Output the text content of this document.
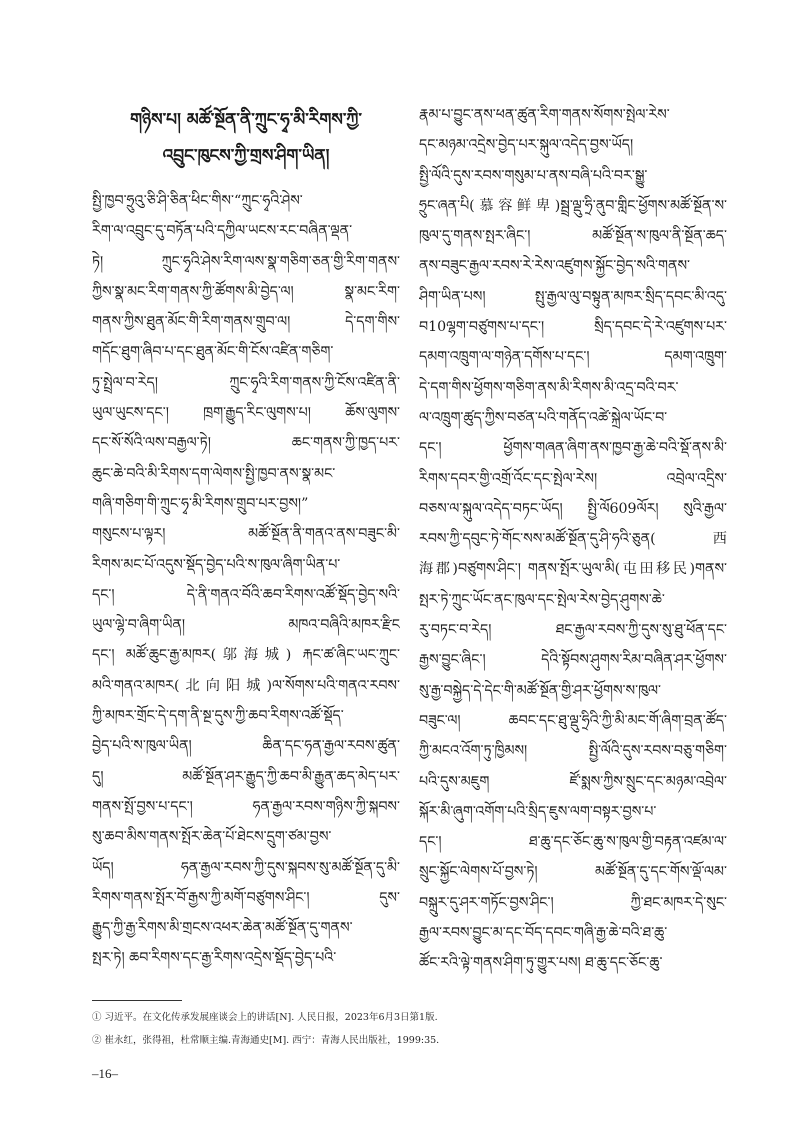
གཉིས་པ། མཚོ་སྔོན་ནི་ཀྲུང་ཧྭ་མི་རིགས་ཀྱི་
འབྲུང་ཁུངས་ཀྱི་གྲས་ཤིག་ཡིན།
སྤྱི་ཁྱབ་ཧྲུའུ་ཅི་ཤི་ཅིན་ཕིང་གིས་“ཀྲུང་ཧྭའི་ཤེས་
རིག་ལ་འབྲུང་དུ་བཏོན་པའི་དཀྱིལ་ཡངས་རང་བཞིན་ལྡན་
ཏེ། ཀྲུང་ཧྭའི་ཤེས་རིག་ལས་སྣ་གཅིག་ཅན་གྱི་རིག་གནས་
ཀྱིས་སྣ་མང་རིག་གནས་ཀྱི་ཚོགས་མི་བྱེད་ལ། སྣ་མང་རིག་
གནས་ཀྱིས་ཐུན་མོང་གི་རིག་གནས་གྲུབ་ལ། དེ་དག་གིས་
གདོང་ཐུག་ཞིབ་པ་དང་ཐུན་མོང་གི་ངོས་འཛིན་གཅིག་
ཏུ་སྤྲེལ་བ་རེད། ཀྲུང་ཧྭའི་རིག་གནས་ཀྱི་ངོས་འཛིན་ནི་
ཡུལ་ཡུངས་དང་། ཁྲག་རྒྱུད་རིང་ལུགས་པ། ཆོས་ལུགས་
དང་སོ་སོའི་ལས་བརྒྱལ་ཏེ། ཆང་གནས་ཀྱི་ཁྱད་པར་
ཆུང་ཆེ་བའི་མི་རིགས་དག་ལེགས་སྤྱི་ཁྱབ་ནས་སྣ་མང་
གཞི་གཅིག་གི་ཀྲུང་ཧྭ་མི་རིགས་གྲུབ་པར་བྱས།”
གསུངས་པ་ལྟར། མཚོ་སྔོན་ནི་གནའ་ནས་བཟུང་མི་
རིགས་མང་པོ་འདུས་སྡོད་བྱེད་པའི་ས་ཁུལ་ཞིག་ཡིན་པ་
དང་། དེ་ནི་གནའ་བོའི་ཆབ་རིགས་འཚོ་སྡོད་བྱེད་སའི་
ཡུལ་ལྷེ་བ་ཞིག་ཡིན། མཁའ་བཞིའི་མཁར་རྫིང
དང་། མཚོ་ཆུང་རྒྱ་མཁར(邬海城) རྐང་ཚ་ཞིང་ཡང་ཀྲུང་
མའི་གནའ་མཁར(北向阳城)ལ་སོགས་པའི་གནའ་རབས་
ཀྱི་མཁར་གྲོང་དེ་དག་ནི་སྔ་དུས་ཀྱི་ཆབ་རིགས་འཚོ་སྡོད་
བྱེད་པའི་ས་ཁུལ་ཡིན། ཆིན་དང་ཧན་རྒྱལ་རབས་ཚུན་
དུ། མཚོ་སྔོན་ཤར་རྒྱུད་ཀྱི་ཆབ་མི་རྒྱུན་ཆད་མེད་པར་
གནས་སྤོ་བྱས་པ་དང་། ཧན་རྒྱལ་རབས་གཉིས་ཀྱི་སྐབས་
སུ་ཆབ་མིས་གནས་སྤོར་ཆེན་པོ་ཐེངས་དྲུག་ཙམ་བྱས་
ཡོད། ཧན་རྒྱལ་རབས་ཀྱི་དུས་སྐབས་སུ་མཚོ་སྔོན་དུ་མི་
རིགས་གནས་སྤོར་བོ་རྒྱས་ཀྱི་མགོ་བཙུགས་ཤིང་། དུས་
རྒྱུད་ཀྱི་རྒྱ་རིགས་མི་གྲངས་འཕར་ཆེན་མཚོ་སྔོན་དུ་གནས་
སྤར་ཏེ། ཆབ་རིགས་དང་རྒྱ་རིགས་འདྲེས་སྡོད་བྱེད་པའི་
རྣམ་པ་བྱུང་ནས་ཕན་ཚུན་རིག་གནས་སོགས་སྤེལ་རེས་
དང་མཉམ་འདྲེས་བྱེད་པར་སྐུལ་འདེད་བྱས་ཡོད།
སྤྱི་ལོའི་དུས་རབས་གསུམ་པ་ནས་བཞི་པའི་བར་སྒྱུ་
ཧྲུང་ཞན་པི(慕容鲜卑)སྦྲ་ལྡུ་ཧྲི་ནུབ་གླིང་ཕྱོགས་མཚོ་སྔོན་ས་
ཁུལ་དུ་གནས་སྤར་ཞིང་། མཚོ་སྔོན་ས་ཁུལ་ནི་སྔོན་ཆད་
ནས་བཟུང་རྒྱལ་རབས་རེ་རེས་འཛུགས་སྐྱོང་བྱེད་སའི་གནས་
ཤིག་ཡིན་པས། སྤུ་རྒྱལ་ལུ་བསྟུན་མཁར་སྲིད་དབང་མི་འདུ་
བ10ལྷག་བཙུགས་པ་དང་། སྲིད་དབང་དེ་རེ་འཛུགས་པར་
དམག་འཁྲུག་ལ་གཉེན་དགོས་པ་དང་། དམག་འཁྲུག་
དེ་དག་གིས་ཕྱོགས་གཅིག་ནས་མི་རིགས་མི་འདྲ་བའི་བར་
ལ་འཁྲུག་ཚུད་ཀྱིས་བཙན་པའི་གནོད་འཚེ་སྐྲེལ་ཡོང་བ་
དང་། ཕྱོགས་གཞན་ཞིག་ནས་ཁྱབ་རྒྱ་ཆེ་བའི་སྡོ་ནས་མི་
རིགས་དབར་གྱི་འགྲོ་འོང་དང་སྤེལ་རེས། འབྲེལ་འདྲིས་
བཅས་ལ་སྐུལ་འདེད་བཏང་ཡོད། སྤྱི་ལོ609ལོར། སུའི་རྒྱལ་
རབས་ཀྱི་དབུང་ཏེ་གོང་སས་མཚོ་སྔོན་དུ་ཤི་ཧའི་ཅུན(西
海郡)བཙུགས་ཤིང་། གནས་སྤོར་ཡུལ་མི(屯田移民)གནས་
སྤར་ཏེ་ཀྲུང་ཡོང་ནང་ཁུལ་དང་སྤེལ་རེས་བྱེད་ཤུགས་ཆེ་
རུ་བཏང་བ་རེད། ཐང་རྒྱལ་རབས་ཀྱི་དུས་སུ་ཐུ་ཕོན་དང་
རྒྱས་བྱུང་ཞིང་། དེའི་སྟོབས་ཤུགས་རིམ་བཞིན་ཤར་ཕྱོགས་
སུ་རྒྱ་བསྐྱེད་དེ་དེང་གི་མཚོ་སྔོན་གྱི་ཤར་ཕྱོགས་ས་ཁུལ་
བཟུང་ལ། ཆབང་དང་ཐུ་ལྡུ་ཧྲིའི་ཀྱི་མི་མང་གོ་ཞིག་བྲན་ཚོད་
ཀྱི་མངའ་འོག་ཏུ་ཁྱིམས། སྤྱི་ལོའི་དུས་རབས་བཅུ་གཅིག་
པའི་དུས་མཇུག ཛོ་སྨས་ཀྱིས་སྲུང་དང་མཉམ་འབྲེལ་
སྐོར་མི་ཞུག་འགོག་པའི་སྲིད་ཇུས་ལག་བསྟར་བྱས་པ་
དང་། ཐ་ཆུ་དང་ཅོང་ཆུ་ས་ཁུལ་གྱི་བརྟན་འཛམ་ལ་
སྲུང་སྐྱོང་ལེགས་པོ་བྱས་ཏེ། མཚོ་སྔོན་དུ་དང་གོས་ལྡོ་ལམ་
བསྐྲུར་དུ་ཤར་གཏོང་བྱས་ཤིང་། ཀྱི་ཐང་མཁར་དེ་སུང་
རྒྱལ་རབས་བྱུང་མ་དང་བོད་དབང་གཞི་རྒྱ་ཆེ་བའི་ཐ་ཆུ་
ཚོང་རའི་ལྟེ་གནས་ཤིག་ཏུ་གྱུར་པས། ཐ་ཆུ་དང་ཅོང་ཆུ་
① 习近平。在文化传承发展座谈会上的讲话[N]. 人民日报，2023年6月3日第1版.
② 崔永红，张得祖，杜常顺主编.青海通史[M]. 西宁：青海人民出版社，1999:35.
–16–
